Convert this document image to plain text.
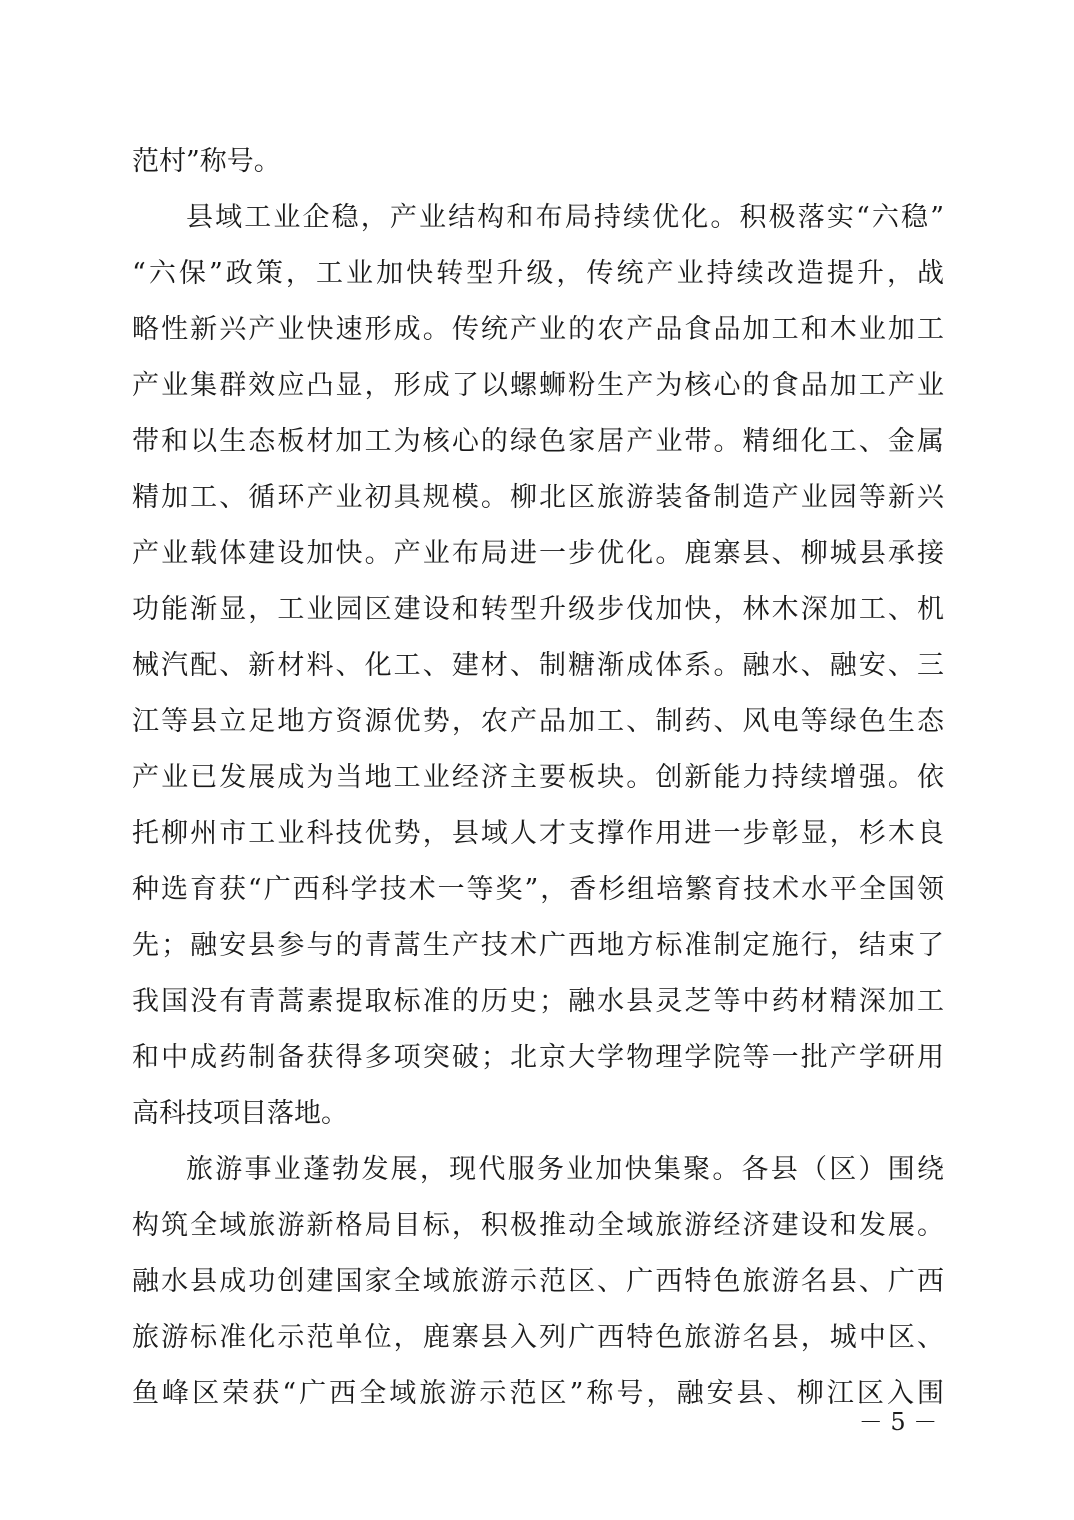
范村”称号。
县域工业企稳，产业结构和布局持续优化。积极落实“六稳”
“六保”政策，工业加快转型升级，传统产业持续改造提升，战
略性新兴产业快速形成。传统产业的农产品食品加工和木业加工
产业集群效应凸显，形成了以螺蛳粉生产为核心的食品加工产业
带和以生态板材加工为核心的绿色家居产业带。精细化工、金属
精加工、循环产业初具规模。柳北区旅游装备制造产业园等新兴
产业载体建设加快。产业布局进一步优化。鹿寨县、柳城县承接
功能渐显，工业园区建设和转型升级步伐加快，林木深加工、机
械汽配、新材料、化工、建材、制糖渐成体系。融水、融安、三
江等县立足地方资源优势，农产品加工、制药、风电等绿色生态
产业已发展成为当地工业经济主要板块。创新能力持续增强。依
托柳州市工业科技优势，县域人才支撑作用进一步彰显，杉木良
种选育获“广西科学技术一等奖”，香杉组培繁育技术水平全国领
先；融安县参与的青蒿生产技术广西地方标准制定施行，结束了
我国没有青蒿素提取标准的历史；融水县灵芝等中药材精深加工
和中成药制备获得多项突破；北京大学物理学院等一批产学研用
高科技项目落地。
旅游事业蓬勃发展，现代服务业加快集聚。各县（区）围绕
构筑全域旅游新格局目标，积极推动全域旅游经济建设和发展。
融水县成功创建国家全域旅游示范区、广西特色旅游名县、广西
旅游标准化示范单位，鹿寨县入列广西特色旅游名县，城中区、
鱼峰区荣获“广西全域旅游示范区”称号，融安县、柳江区入围
－ 5 －
